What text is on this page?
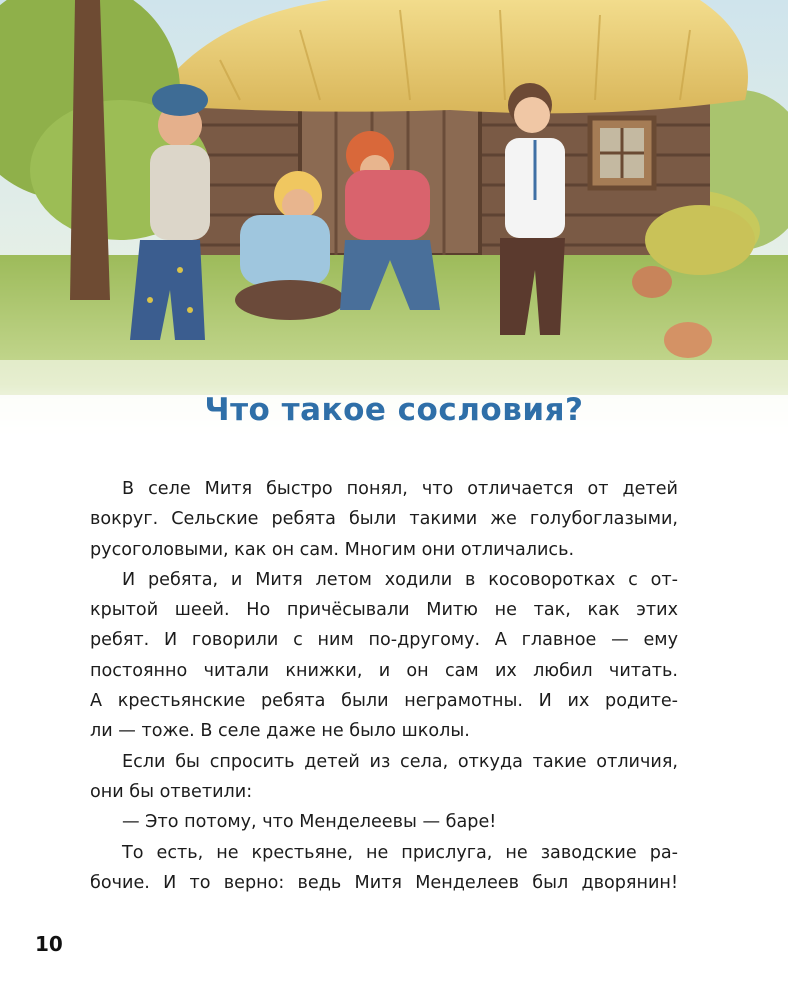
Что такое сословия?
В селе Митя быстро понял, что отличается от детей
вокруг. Сельские ребята были такими же голубоглазыми,
русоголовыми, как он сам. Многим они отличались.
И ребята, и Митя летом ходили в косоворотках с от-
крытой шеей. Но причёсывали Митю не так, как этих
ребят. И говорили с ним по-другому. А главное — ему
постоянно читали книжки, и он сам их любил читать.
А крестьянские ребята были неграмотны. И их родите-
ли — тоже. В селе даже не было школы.
Если бы спросить детей из села, откуда такие отличия,
они бы ответили:
— Это потому, что Менделеевы — баре!
То есть, не крестьяне, не прислуга, не заводские ра-
бочие. И то верно: ведь Митя Менделеев был дворянин!
10
